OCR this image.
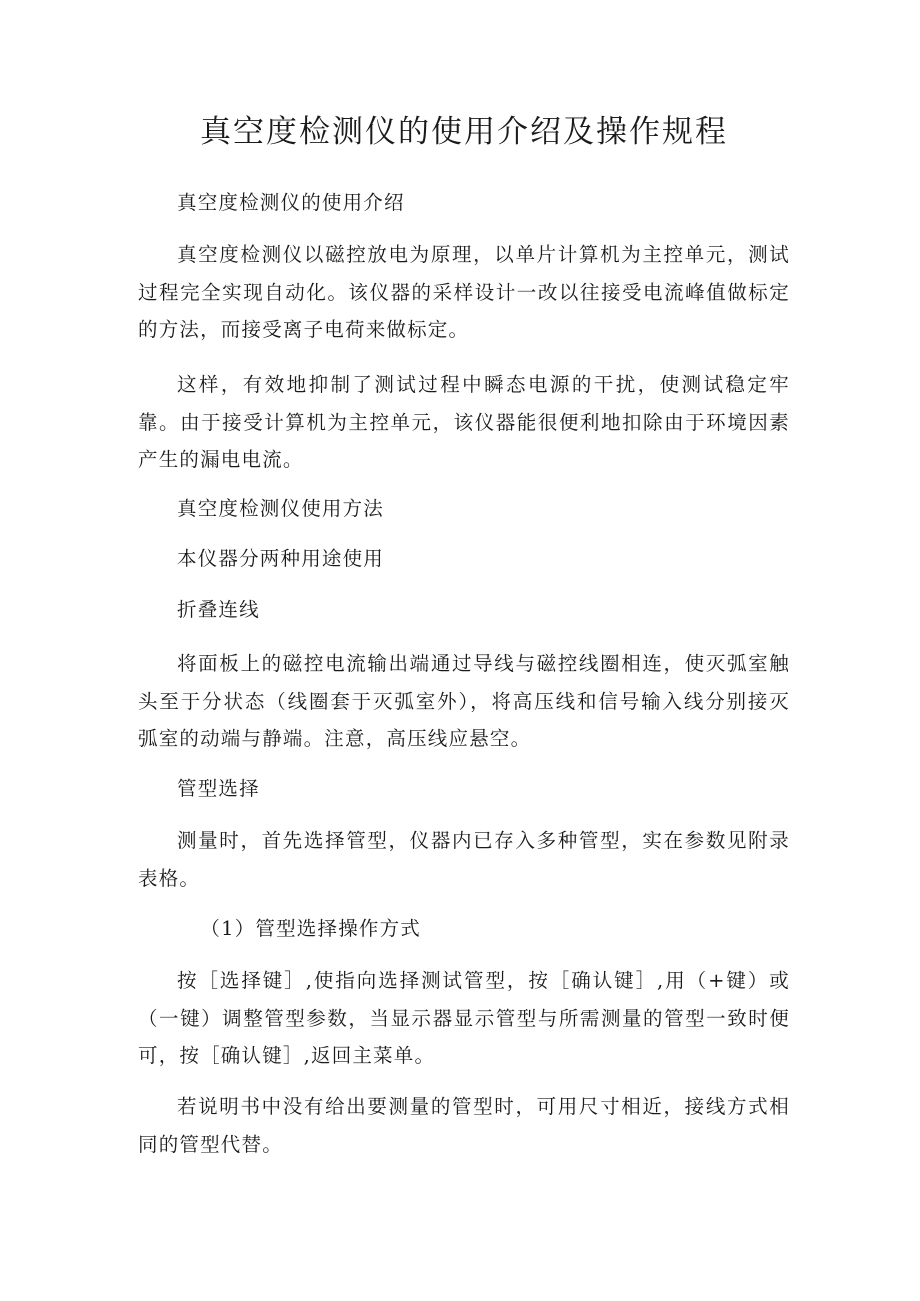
真空度检测仪的使用介绍及操作规程

真空度检测仪的使用介绍

真空度检测仪以磁控放电为原理，以单片计算机为主控单元，测试过程完全实现自动化。该仪器的采样设计一改以往接受电流峰值做标定的方法，而接受离子电荷来做标定。

这样，有效地抑制了测试过程中瞬态电源的干扰，使测试稳定牢靠。由于接受计算机为主控单元，该仪器能很便利地扣除由于环境因素产生的漏电电流。

真空度检测仪使用方法

本仪器分两种用途使用

折叠连线

将面板上的磁控电流输出端通过导线与磁控线圈相连，使灭弧室触头至于分状态（线圈套于灭弧室外），将高压线和信号输入线分别接灭弧室的动端与静端。注意，高压线应悬空。

管型选择

测量时，首先选择管型，仪器内已存入多种管型，实在参数见附录表格。

（1）管型选择操作方式

按［选择键］,使指向选择测试管型，按［确认键］,用（+键）或（一键）调整管型参数，当显示器显示管型与所需测量的管型一致时便可，按［确认键］,返回主菜单。

若说明书中没有给出要测量的管型时，可用尺寸相近，接线方式相同的管型代替。
